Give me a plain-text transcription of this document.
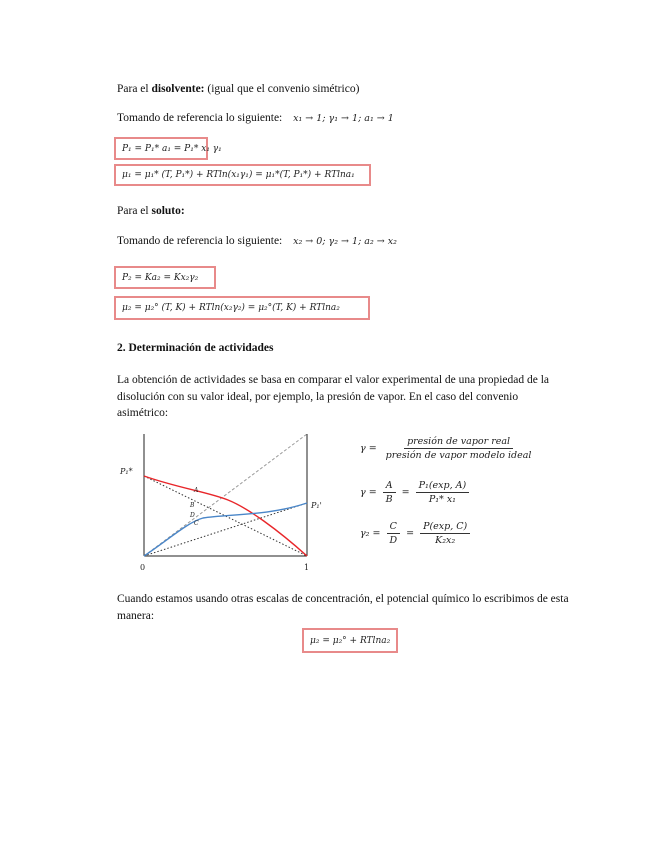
Para el disolvente: (igual que el convenio simétrico)
Tomando de referencia lo siguiente: x₁ → 1; γ₁ → 1; a₁ → 1
P₁ = P₁* a₁ = P₁* x₁ γ₁
μ₁ = μ₁* (T, P₁*) + RTln(x₁γ₁) = μ₁*(T, P₁*) + RTlna₁
Para el soluto:
Tomando de referencia lo siguiente: x₂ → 0; γ₂ → 1; a₂ → x₂
P₂ = Ka₂ = Kx₂γ₂
μ₂ = μ₂° (T, K) + RTln(x₂γ₂) = μ₂°(T, K) + RTlna₂
2. Determinación de actividades
La obtención de actividades se basa en comparar el valor experimental de una propiedad de la
disolución con su valor ideal, por ejemplo, la presión de vapor. En el caso del convenio
asimétrico:
P₁*
P₁'
0	1
A
B
C
D
$\gamma = \frac{\text{presión de vapor real}}{\text{presión de vapor modelo ideal}}$
$\gamma = \frac{A}{B} = \frac{\text{P₁(exp, A)}}{\text{P₁* x₁}}$
$\gamma_2 = \frac{C}{D} = \frac{P(\exp, C)}{\text{K₂x₂}}$
Cuando estamos usando otras escalas de concentración, el potencial químico lo escribimos de esta
manera:
μ₂ = μ₂° + RTlna₂
